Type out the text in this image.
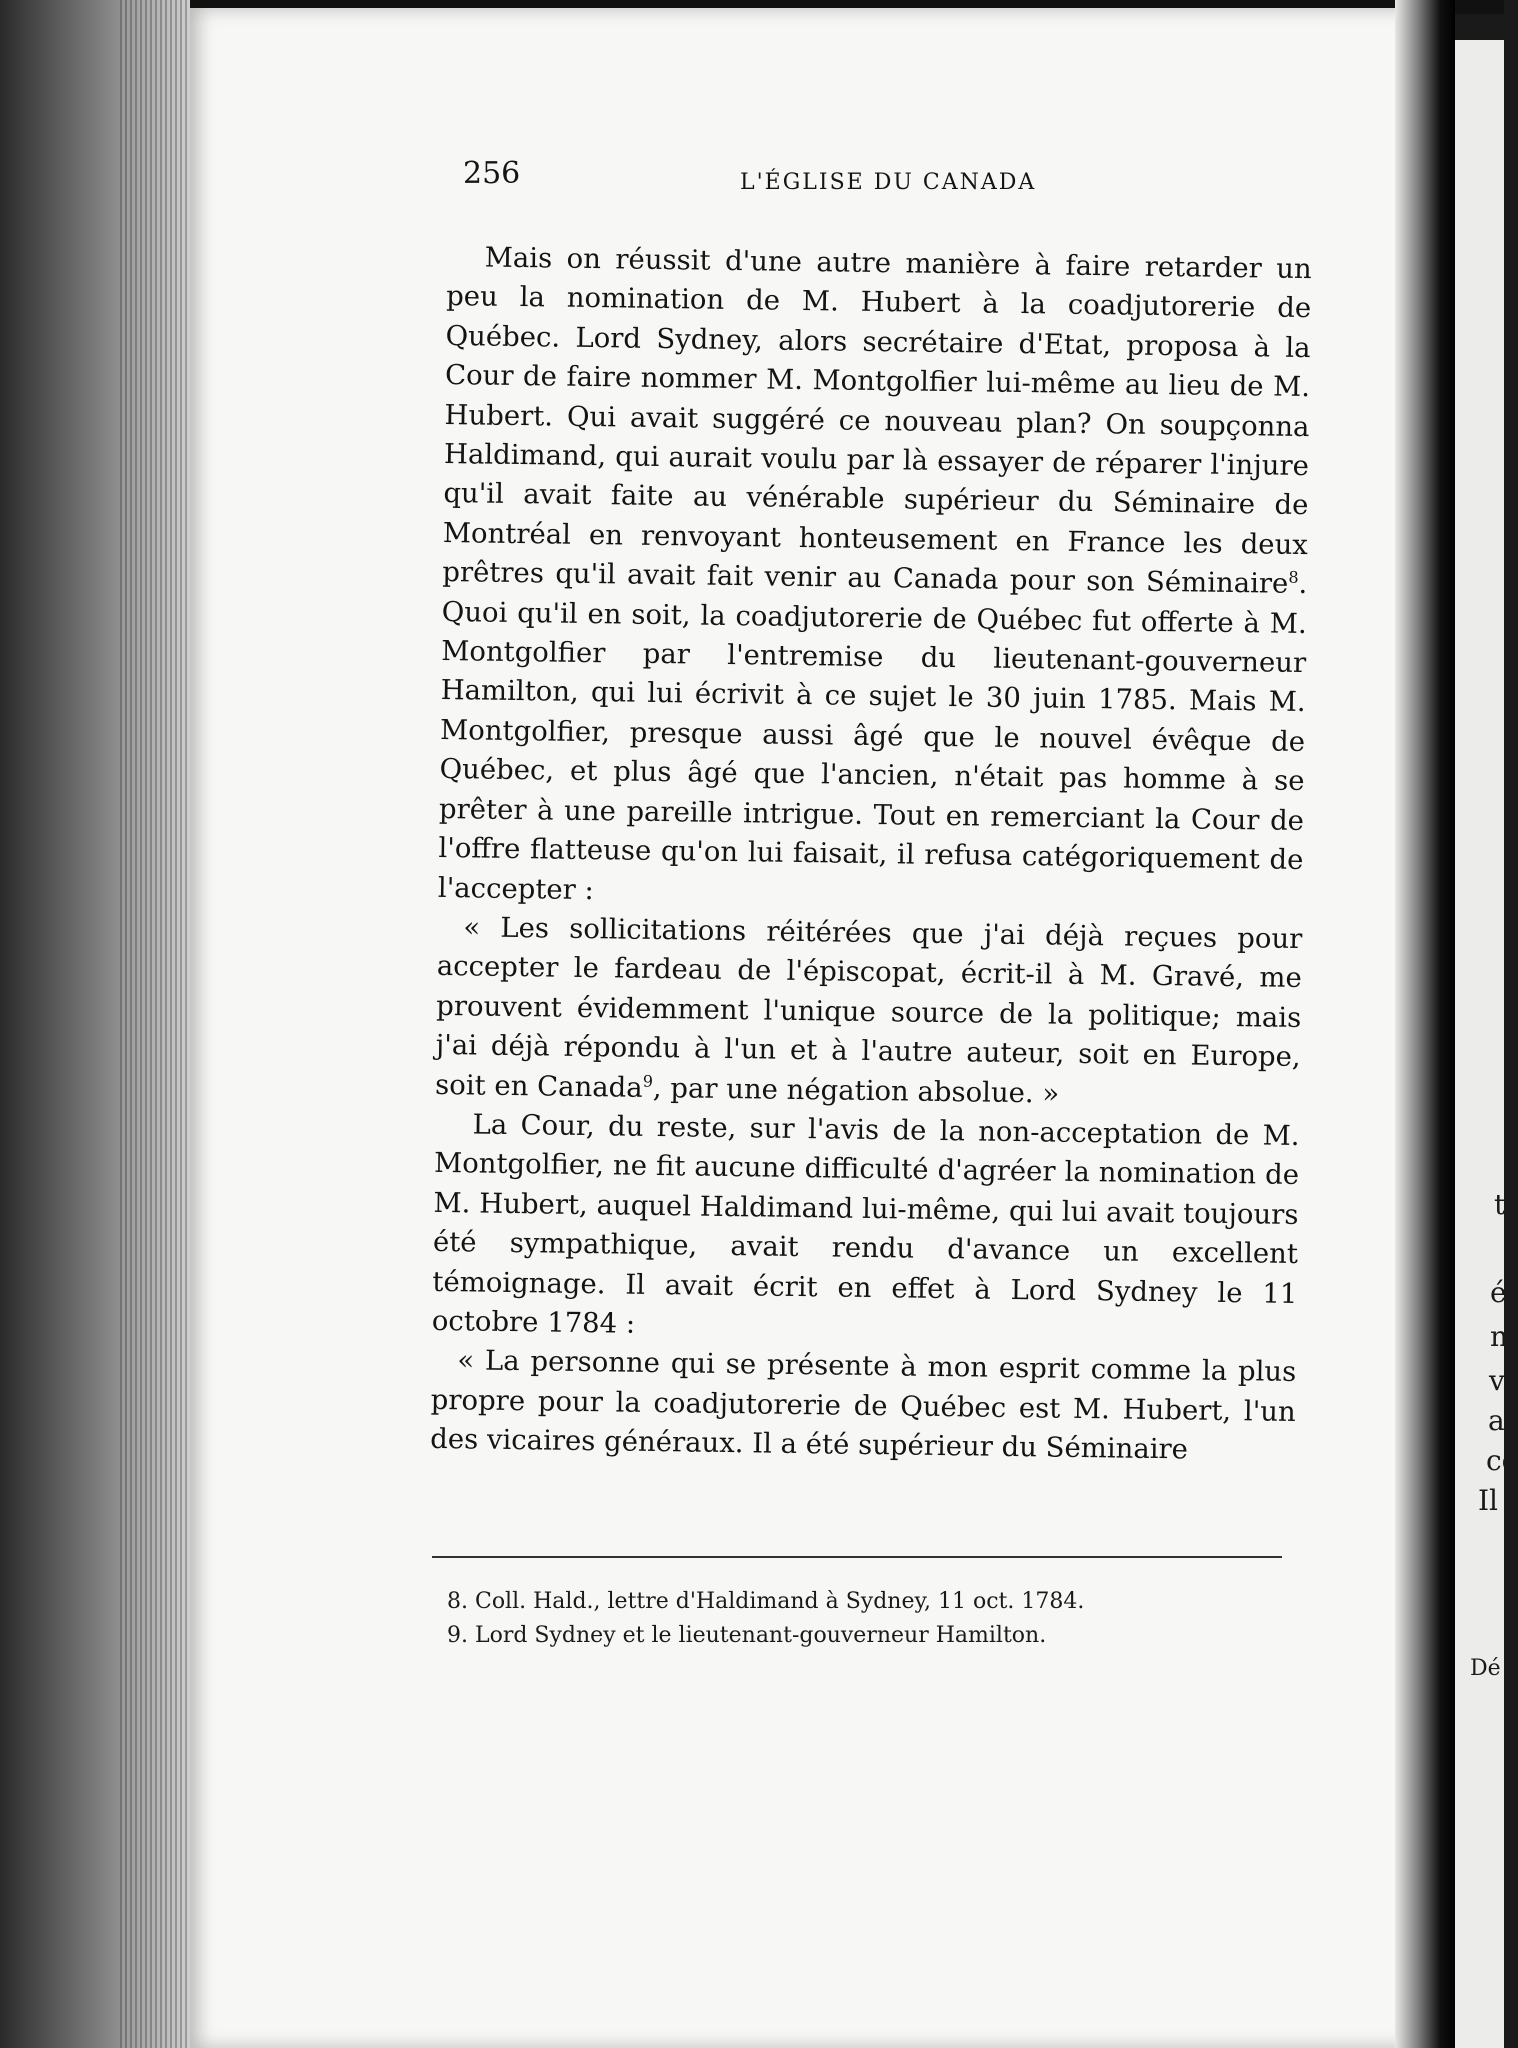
256	L'ÉGLISE DU CANADA

Mais on réussit d'une autre manière à faire retarder un peu la nomination de M. Hubert à la coadjutorerie de Québec. Lord Sydney, alors secrétaire d'Etat, proposa à la Cour de faire nommer M. Montgolfier lui-même au lieu de M. Hubert. Qui avait suggéré ce nouveau plan? On soupçonna Haldimand, qui aurait voulu par là essayer de réparer l'injure qu'il avait faite au vénérable supérieur du Séminaire de Montréal en renvoyant honteusement en France les deux prêtres qu'il avait fait venir au Canada pour son Séminaire$^8$. Quoi qu'il en soit, la coadjutorerie de Québec fut offerte à M. Montgolfier par l'entremise du lieutenant-gouverneur Hamilton, qui lui écrivit à ce sujet le 30 juin 1785. Mais M. Montgolfier, presque aussi âgé que le nouvel évêque de Québec, et plus âgé que l'ancien, n'était pas homme à se prêter à une pareille intrigue. Tout en remerciant la Cour de l'offre flatteuse qu'on lui faisait, il refusa catégoriquement de l'accepter :

« Les sollicitations réitérées que j'ai déjà reçues pour accepter le fardeau de l'épiscopat, écrit-il à M. Gravé, me prouvent évidemment l'unique source de la politique; mais j'ai déjà répondu à l'un et à l'autre auteur, soit en Europe, soit en Canada$^9$, par une négation absolue. »

La Cour, du reste, sur l'avis de la non-acceptation de M. Montgolfier, ne fit aucune difficulté d'agréer la nomination de M. Hubert, auquel Haldimand lui-même, qui lui avait toujours été sympathique, avait rendu d'avance un excellent témoignage. Il avait écrit en effet à Lord Sydney le 11 octobre 1784 :

« La personne qui se présente à mon esprit comme la plus propre pour la coadjutorerie de Québec est M. Hubert, l'un des vicaires généraux. Il a été supérieur du Séminaire

8. Coll. Hald., lettre d'Haldimand à Sydney, 11 oct. 1784.
9. Lord Sydney et le lieutenant-gouverneur Hamilton.
t
é
n
v
a
ce
Il
Dé
